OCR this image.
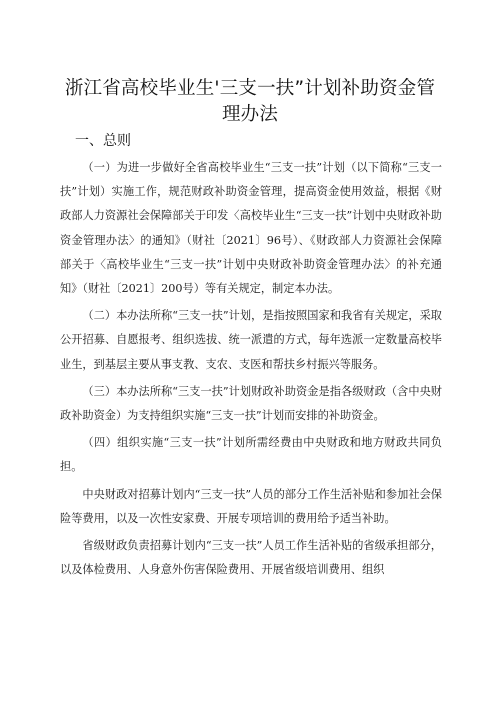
浙江省高校毕业生'三支一扶”计划补助资金管
理办法
一、总则

（一）为进一步做好全省高校毕业生“三支一扶”计划（以下简称“三支一扶”计划）实施工作，规范财政补助资金管理，提高资金使用效益，根据《财政部人力资源社会保障部关于印发〈高校毕业生“三支一扶”计划中央财政补助资金管理办法〉的通知》（财社〔2021〕96号）、《财政部人力资源社会保障部关于〈高校毕业生“三支一扶”计划中央财政补助资金管理办法〉的补充通知》（财社〔2021〕200号）等有关规定，制定本办法。

（二）本办法所称“三支一扶”计划，是指按照国家和我省有关规定，采取公开招募、自愿报考、组织选拔、统一派遣的方式，每年选派一定数量高校毕业生，到基层主要从事支教、支农、支医和帮扶乡村振兴等服务。

（三）本办法所称“三支一扶”计划财政补助资金是指各级财政（含中央财政补助资金）为支持组织实施“三支一扶”计划而安排的补助资金。

（四）组织实施“三支一扶”计划所需经费由中央财政和地方财政共同负担。

中央财政对招募计划内“三支一扶”人员的部分工作生活补贴和参加社会保险等费用，以及一次性安家费、开展专项培训的费用给予适当补助。

省级财政负责招募计划内“三支一扶”人员工作生活补贴的省级承担部分，以及体检费用、人身意外伤害保险费用、开展省级培训费用、组织
